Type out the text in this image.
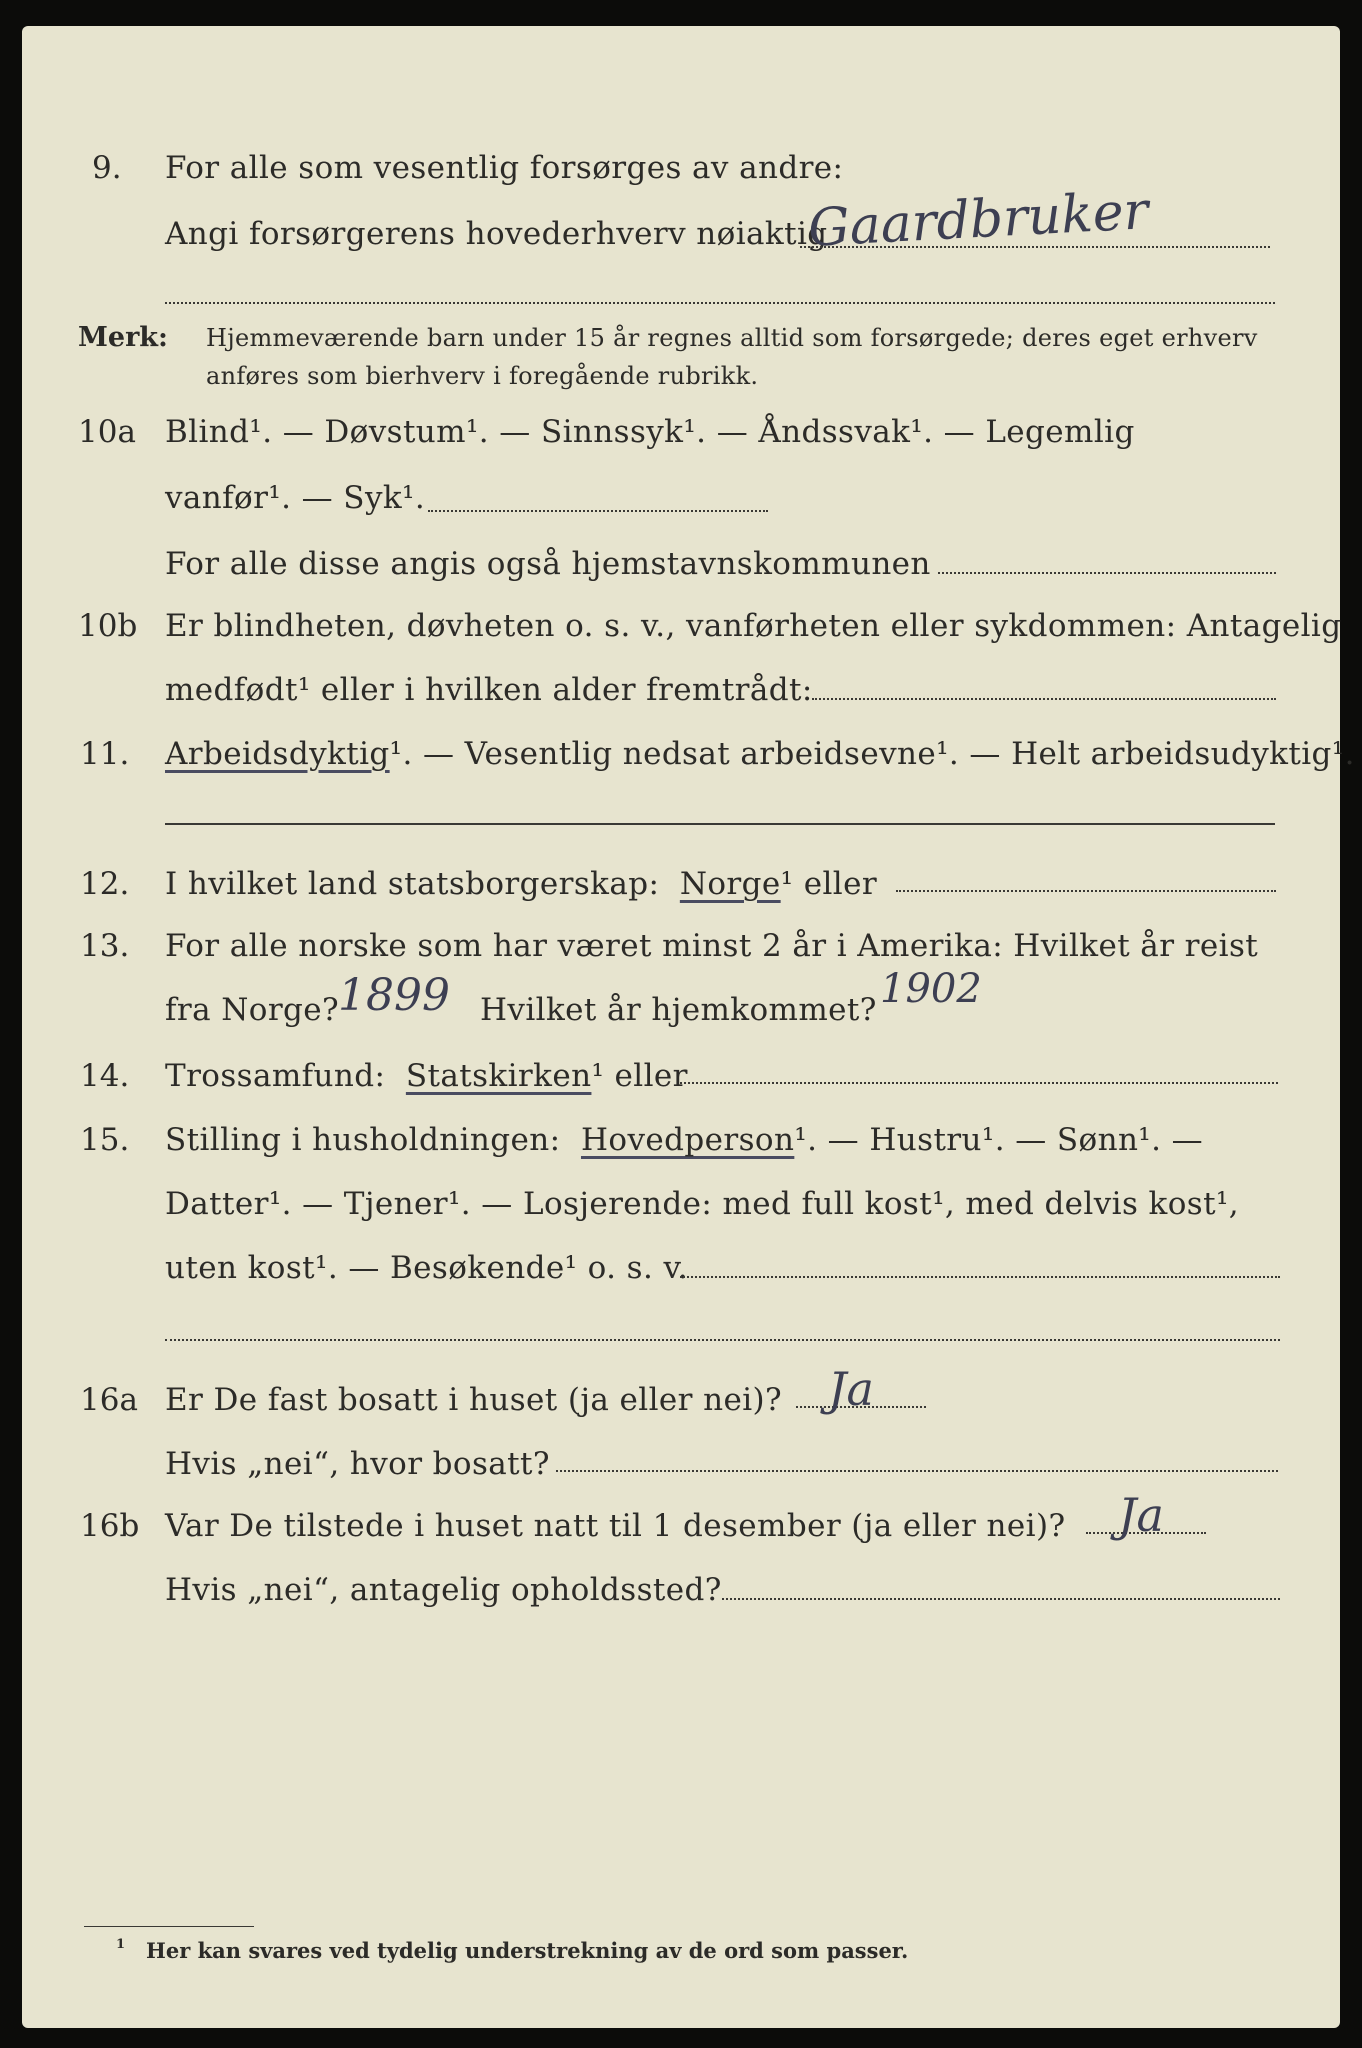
9. For alle som vesentlig forsørges av andre:
Angi forsørgerens hovederhverv nøiaktig
Gaardbruker
Merk: Hjemmeværende barn under 15 år regnes alltid som forsørgede; deres eget erhverv
anføres som bierhverv i foregående rubrikk.
10a Blind¹. — Døvstum¹. — Sinnssyk¹. — Åndssvak¹. — Legemlig
vanfør¹. — Syk¹.
For alle disse angis også hjemstavnskommunen
10b Er blindheten, døvheten o. s. v., vanførheten eller sykdommen: Antagelig
medfødt¹ eller i hvilken alder fremtrådt:
11. Arbeidsdyktig¹. — Vesentlig nedsat arbeidsevne¹. — Helt arbeidsudyktig¹.
12. I hvilket land statsborgerskap: Norge¹ eller
13. For alle norske som har været minst 2 år i Amerika: Hvilket år reist
fra Norge?
1899 Hvilket år hjemkommet? 1902
14. Trossamfund: Statskirken¹ eller
15. Stilling i husholdningen: Hovedperson¹. — Hustru¹. — Sønn¹. —
Datter¹. — Tjener¹. — Losjerende: med full kost¹, med delvis kost¹,
uten kost¹. — Besøkende¹ o. s. v.
16a Er De fast bosatt i huset (ja eller nei)? Ja
Hvis „nei“, hvor bosatt?
16b Var De tilstede i huset natt til 1 desember (ja eller nei)? Ja
Hvis „nei“, antagelig opholdssted?
1 Her kan svares ved tydelig understrekning av de ord som passer.
